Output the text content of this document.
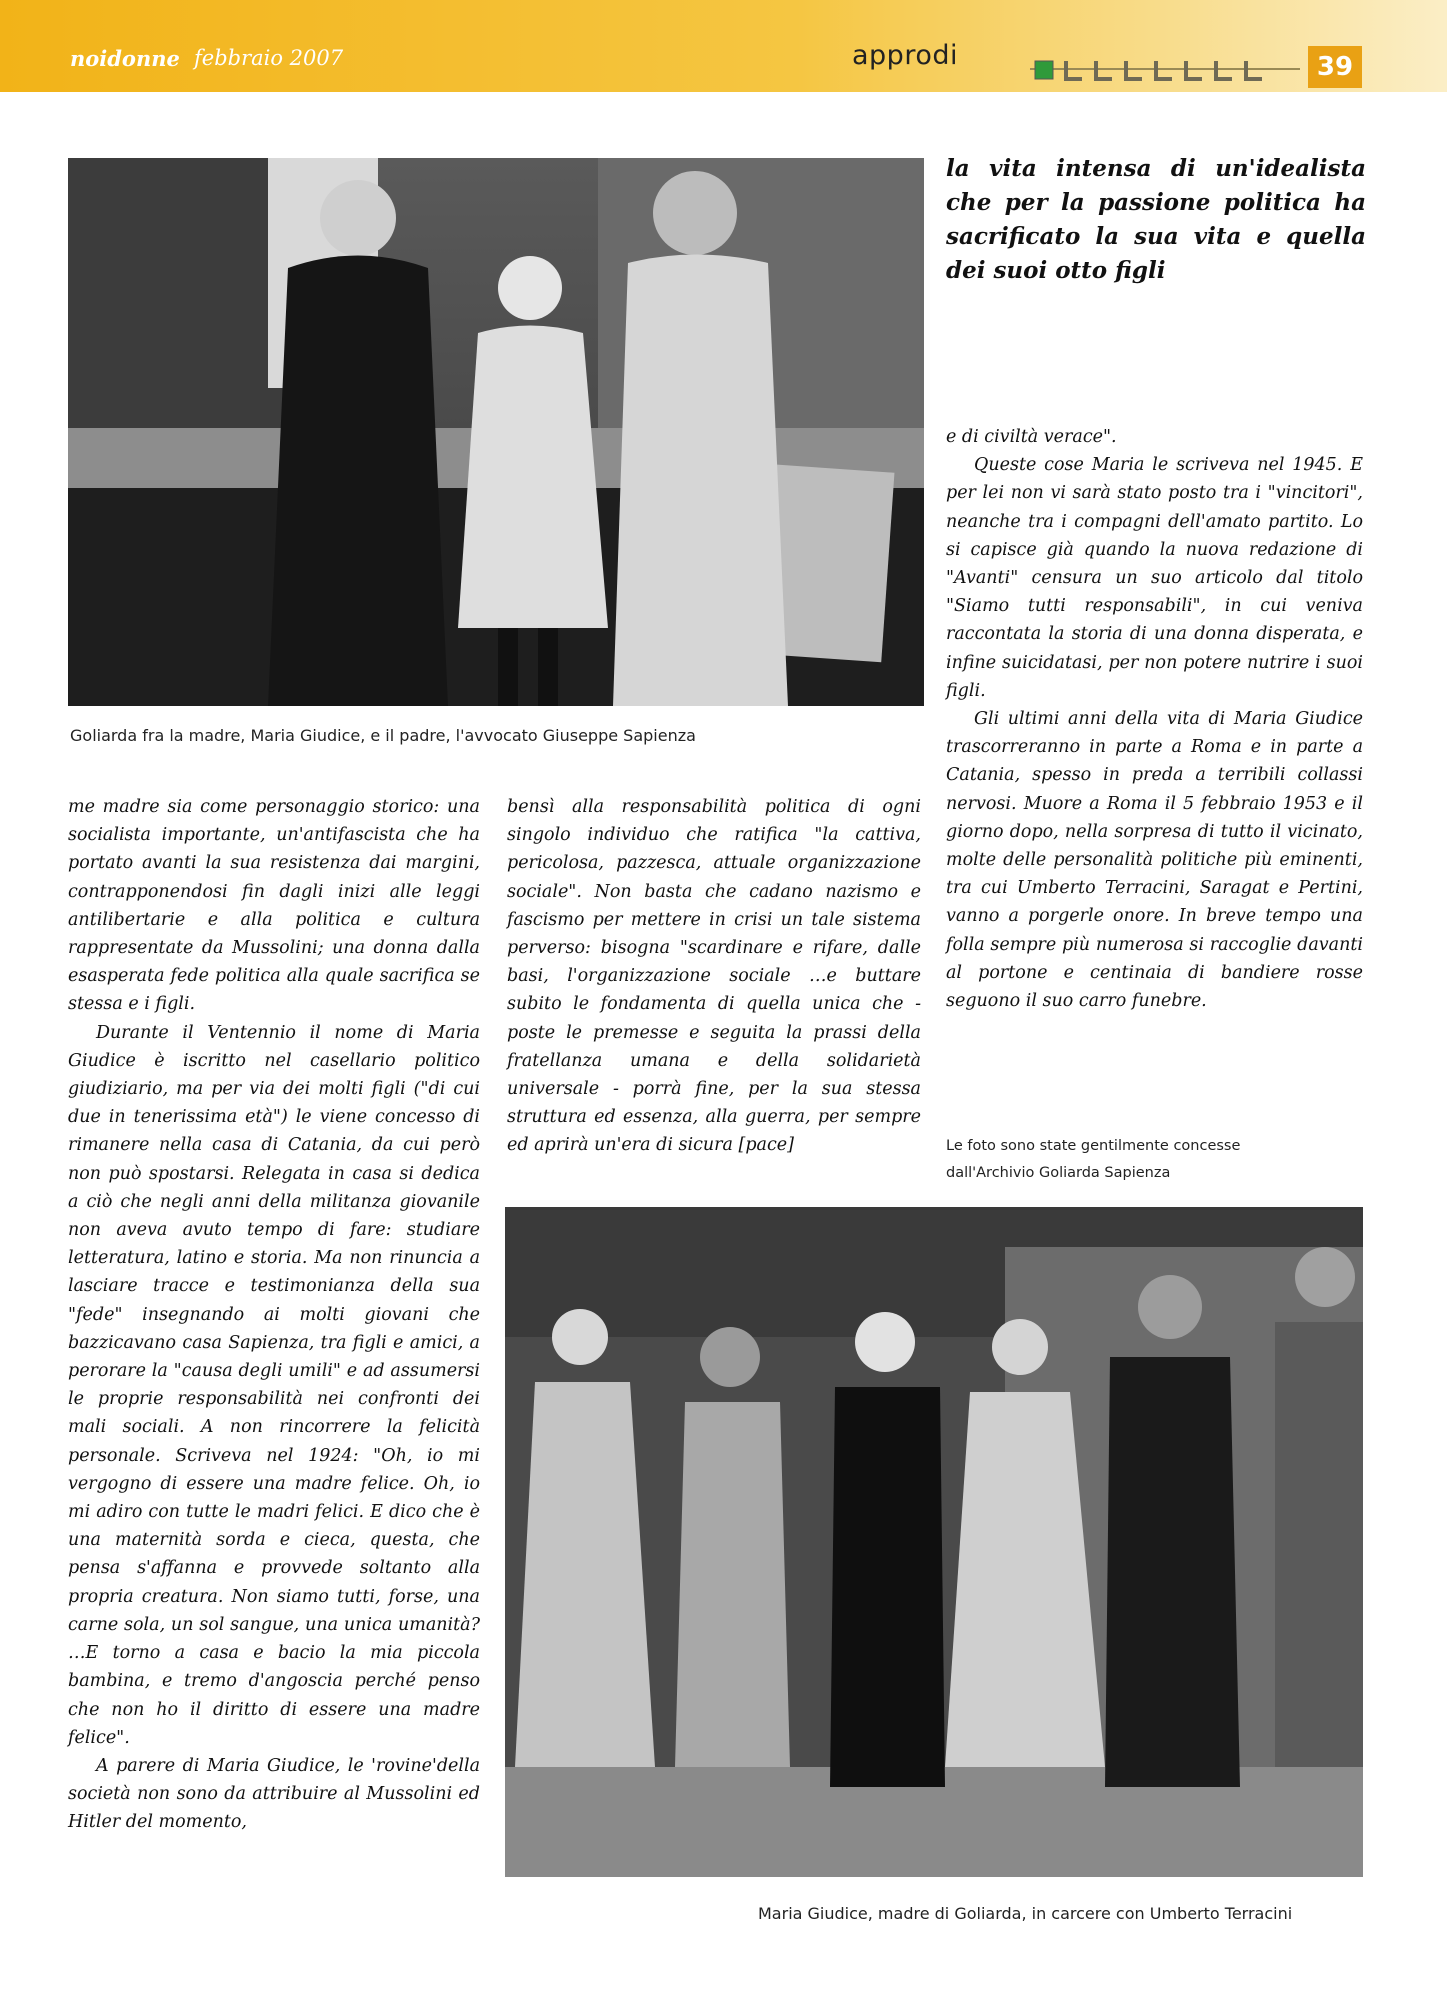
noidonne febbraio 2007	approdi	39
la vita intensa di un'idealista che per la passione politica ha sacrificato la sua vita e quella dei suoi otto figli
Goliarda fra la madre, Maria Giudice, e il padre, l'avvocato Giuseppe Sapienza

me madre sia come personaggio storico: una socialista importante, un'antifascista che ha portato avanti la sua resistenza dai margini, contrapponendosi fin dagli inizi alle leggi antilibertarie e alla politica e cultura rappresentate da Mussolini; una donna dalla esasperata fede politica alla quale sacrifica se stessa e i figli.

Durante il Ventennio il nome di Maria Giudice è iscritto nel casellario politico giudiziario, ma per via dei molti figli ("di cui due in tenerissima età") le viene concesso di rimanere nella casa di Catania, da cui però non può spostarsi. Relegata in casa si dedica a ciò che negli anni della militanza giovanile non aveva avuto tempo di fare: studiare letteratura, latino e storia. Ma non rinuncia a lasciare tracce e testimonianza della sua "fede" insegnando ai molti giovani che bazzicavano casa Sapienza, tra figli e amici, a perorare la "causa degli umili" e ad assumersi le proprie responsabilità nei confronti dei mali sociali. A non rincorrere la felicità personale. Scriveva nel 1924: "Oh, io mi vergogno di essere una madre felice. Oh, io mi adiro con tutte le madri felici. E dico che è una maternità sorda e cieca, questa, che pensa s'affanna e provvede soltanto alla propria creatura. Non siamo tutti, forse, una carne sola, un sol sangue, una unica umanità? …E torno a casa e bacio la mia piccola bambina, e tremo d'angoscia perché penso che non ho il diritto di essere una madre felice".

A parere di Maria Giudice, le 'rovine'della società non sono da attribuire al Mussolini ed Hitler del momento,

bensì alla responsabilità politica di ogni singolo individuo che ratifica "la cattiva, pericolosa, pazzesca, attuale organizzazione sociale". Non basta che cadano nazismo e fascismo per mettere in crisi un tale sistema perverso: bisogna "scardinare e rifare, dalle basi, l'organizzazione sociale …e buttare subito le fondamenta di quella unica che - poste le premesse e seguita la prassi della fratellanza umana e della solidarietà universale - porrà fine, per la sua stessa struttura ed essenza, alla guerra, per sempre ed aprirà un'era di sicura [pace]

e di civiltà verace".

Queste cose Maria le scriveva nel 1945. E per lei non vi sarà stato posto tra i "vincitori", neanche tra i compagni dell'amato partito. Lo si capisce già quando la nuova redazione di "Avanti" censura un suo articolo dal titolo "Siamo tutti responsabili", in cui veniva raccontata la storia di una donna disperata, e infine suicidatasi, per non potere nutrire i suoi figli.

Gli ultimi anni della vita di Maria Giudice trascorreranno in parte a Roma e in parte a Catania, spesso in preda a terribili collassi nervosi. Muore a Roma il 5 febbraio 1953 e il giorno dopo, nella sorpresa di tutto il vicinato, molte delle personalità politiche più eminenti, tra cui Umberto Terracini, Saragat e Pertini, vanno a porgerle onore. In breve tempo una folla sempre più numerosa si raccoglie davanti al portone e centinaia di bandiere rosse seguono il suo carro funebre.

Le foto sono state gentilmente concesse dall'Archivio Goliarda Sapienza
Maria Giudice, madre di Goliarda, in carcere con Umberto Terracini
